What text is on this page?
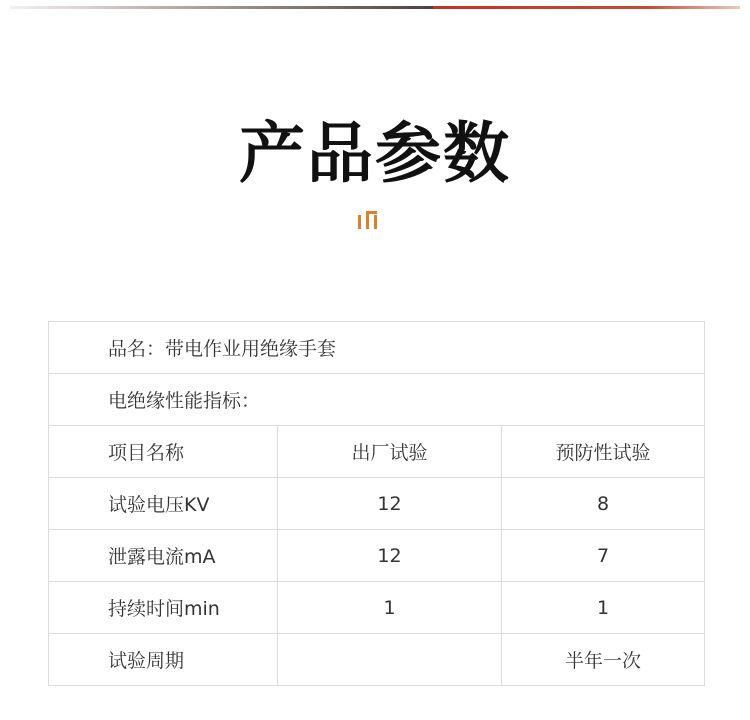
产品参数
品名：带电作业用绝缘手套		
电绝缘性能指标：		
项目名称	出厂试验	预防性试验
试验电压KV	12	8
泄露电流mA	12	7
持续时间min	1	1
试验周期		半年一次
